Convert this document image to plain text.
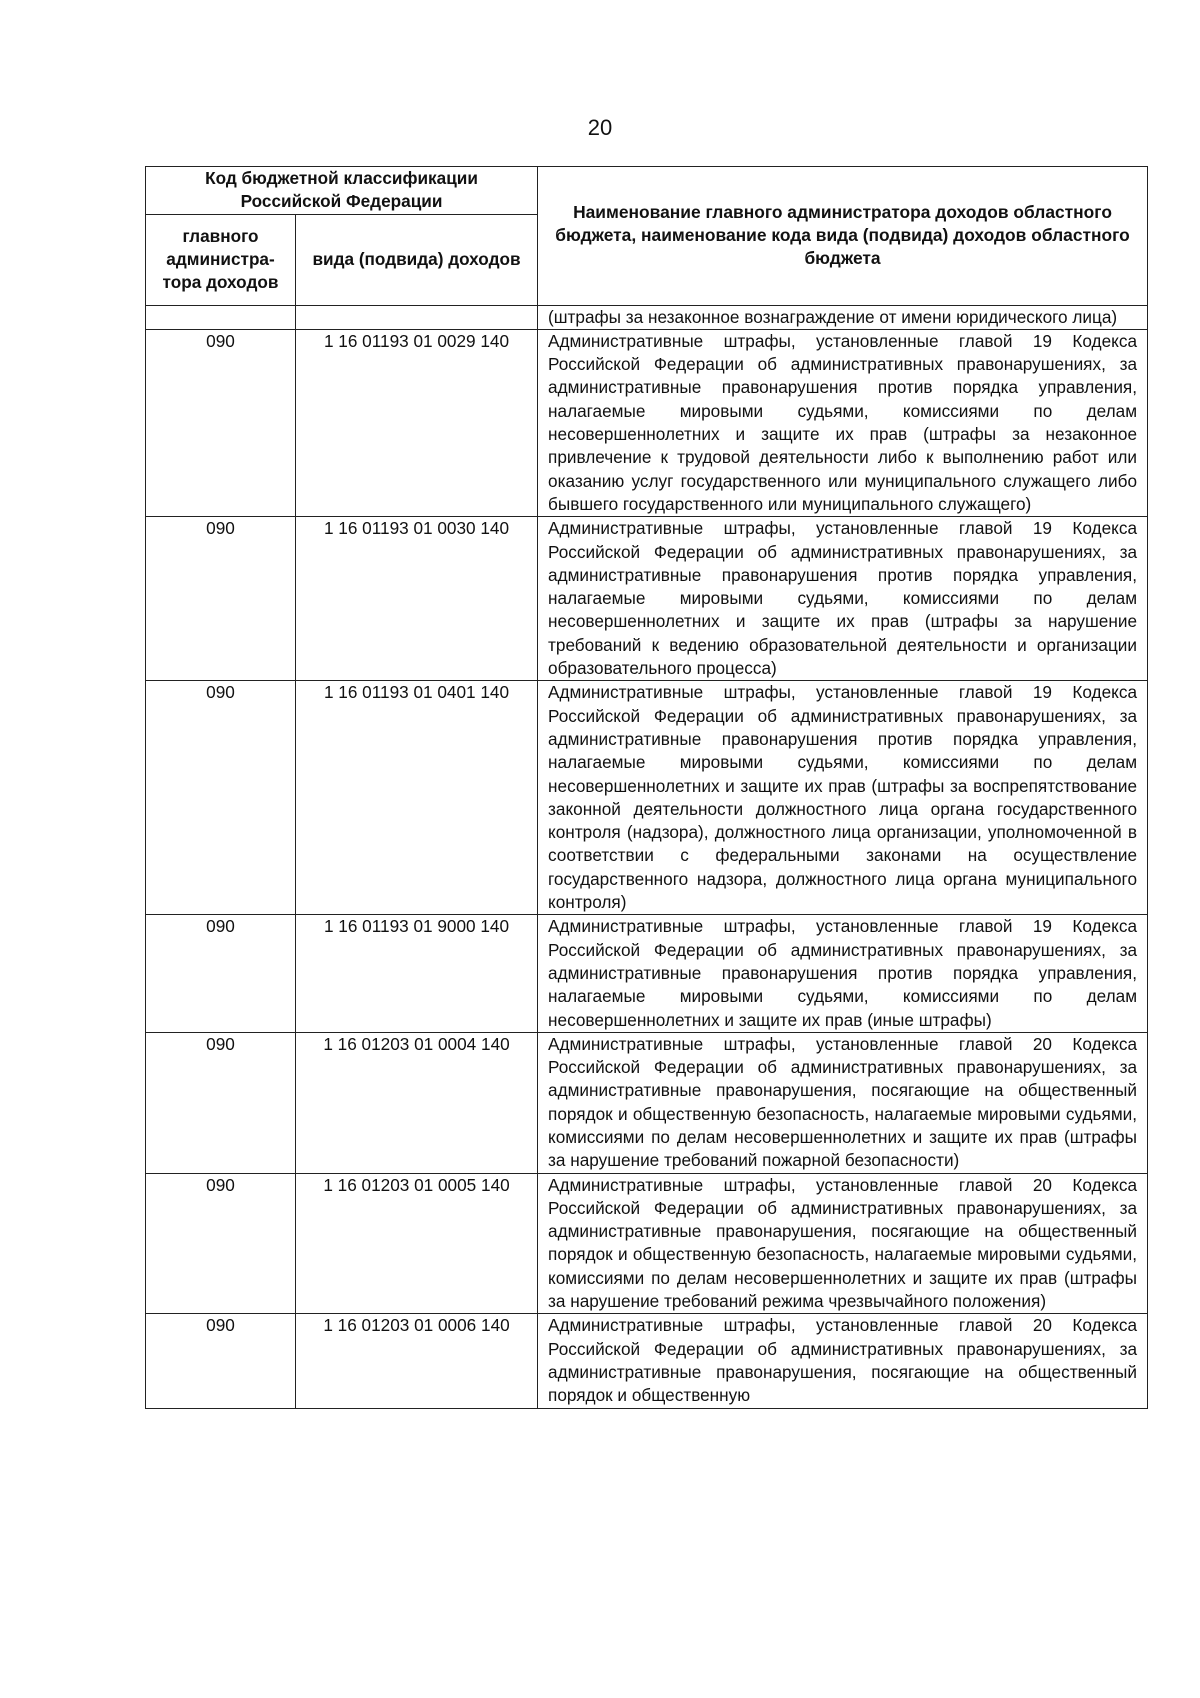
20
Код бюджетной классификации Российской Федерации		Наименование главного администратора доходов областного бюджета, наименование кода вида (подвида) доходов областного бюджета
главного администра-тора доходов	вида (подвида) доходов	
		(штрафы за незаконное вознаграждение от имени юридического лица)
090	1 16 01193 01 0029 140	Административные штрафы, установленные главой 19 Кодекса Российской Федерации об административных правонарушениях, за административные правонарушения против порядка управления, налагаемые мировыми судьями, комиссиями по делам несовершеннолетних и защите их прав (штрафы за незаконное привлечение к трудовой деятельности либо к выполнению работ или оказанию услуг государственного или муниципального служащего либо бывшего государственного или муниципального служащего)
090	1 16 01193 01 0030 140	Административные штрафы, установленные главой 19 Кодекса Российской Федерации об административных правонарушениях, за административные правонарушения против порядка управления, налагаемые мировыми судьями, комиссиями по делам несовершеннолетних и защите их прав (штрафы за нарушение требований к ведению образовательной деятельности и организации образовательного процесса)
090	1 16 01193 01 0401 140	Административные штрафы, установленные главой 19 Кодекса Российской Федерации об административных правонарушениях, за административные правонарушения против порядка управления, налагаемые мировыми судьями, комиссиями по делам несовершеннолетних и защите их прав (штрафы за воспрепятствование законной деятельности должностного лица органа государственного контроля (надзора), должностного лица организации, уполномоченной в соответствии с федеральными законами на осуществление государственного надзора, должностного лица органа муниципального контроля)
090	1 16 01193 01 9000 140	Административные штрафы, установленные главой 19 Кодекса Российской Федерации об административных правонарушениях, за административные правонарушения против порядка управления, налагаемые мировыми судьями, комиссиями по делам несовершеннолетних и защите их прав (иные штрафы)
090	1 16 01203 01 0004 140	Административные штрафы, установленные главой 20 Кодекса Российской Федерации об административных правонарушениях, за административные правонарушения, посягающие на общественный порядок и общественную безопасность, налагаемые мировыми судьями, комиссиями по делам несовершеннолетних и защите их прав (штрафы за нарушение требований пожарной безопасности)
090	1 16 01203 01 0005 140	Административные штрафы, установленные главой 20 Кодекса Российской Федерации об административных правонарушениях, за административные правонарушения, посягающие на общественный порядок и общественную безопасность, налагаемые мировыми судьями, комиссиями по делам несовершеннолетних и защите их прав (штрафы за нарушение требований режима чрезвычайного положения)
090	1 16 01203 01 0006 140	Административные штрафы, установленные главой 20 Кодекса Российской Федерации об административных правонарушениях, за административные правонарушения, посягающие на общественный порядок и общественную
